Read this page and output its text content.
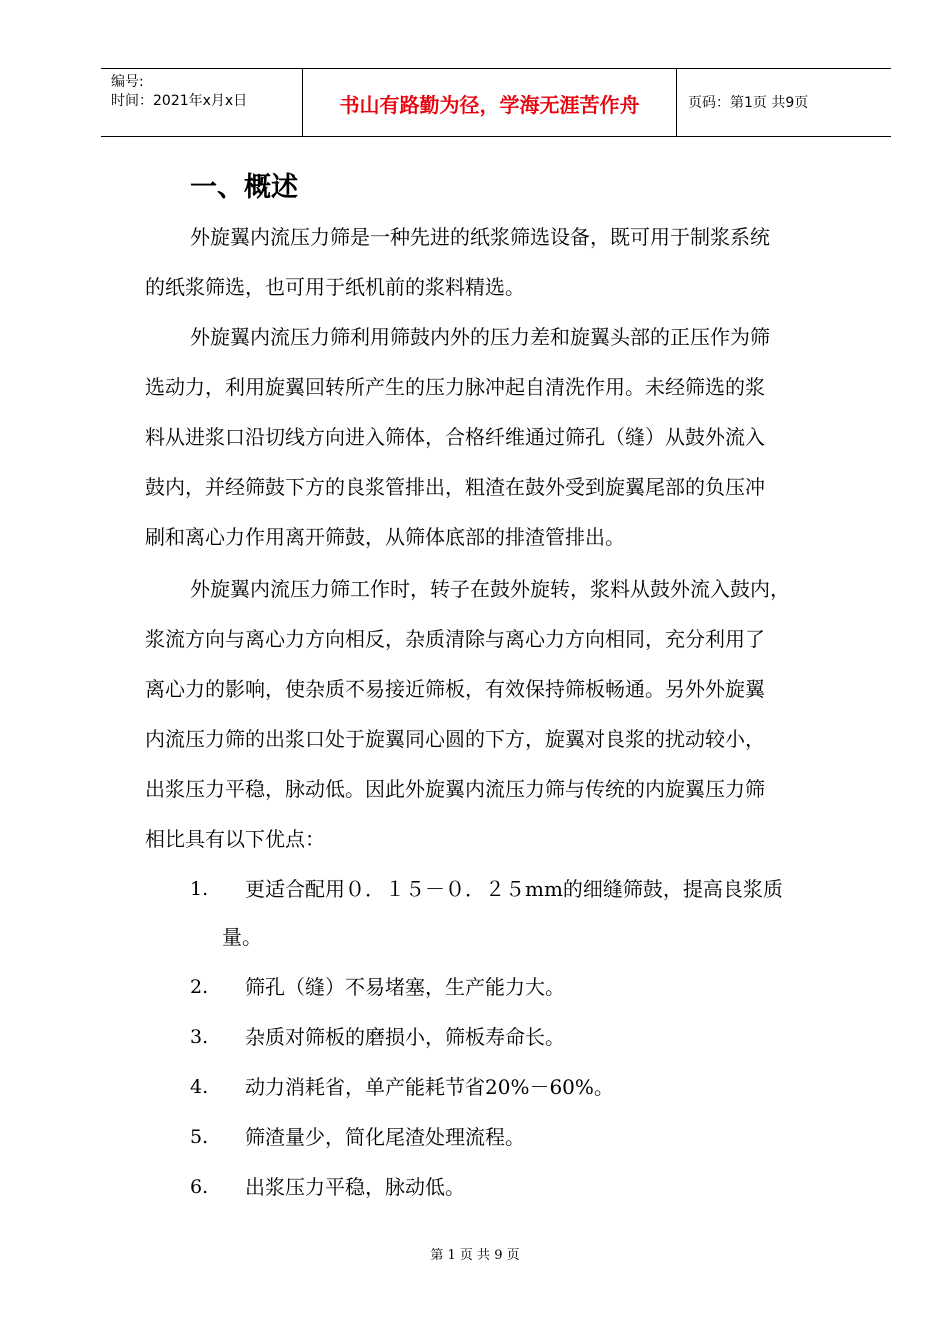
编号:
时间：2021年x月x日	书山有路勤为径，学海无涯苦作舟	页码：第1页 共9页
一、概述
外旋翼内流压力筛是一种先进的纸浆筛选设备，既可用于制浆系统
的纸浆筛选，也可用于纸机前的浆料精选。
外旋翼内流压力筛利用筛鼓内外的压力差和旋翼头部的正压作为筛
选动力，利用旋翼回转所产生的压力脉冲起自清洗作用。未经筛选的浆
料从进浆口沿切线方向进入筛体，合格纤维通过筛孔（缝）从鼓外流入
鼓内，并经筛鼓下方的良浆管排出，粗渣在鼓外受到旋翼尾部的负压冲
刷和离心力作用离开筛鼓，从筛体底部的排渣管排出。
外旋翼内流压力筛工作时，转子在鼓外旋转，浆料从鼓外流入鼓内，
浆流方向与离心力方向相反，杂质清除与离心力方向相同，充分利用了
离心力的影响，使杂质不易接近筛板，有效保持筛板畅通。另外外旋翼
内流压力筛的出浆口处于旋翼同心圆的下方，旋翼对良浆的扰动较小，
出浆压力平稳，脉动低。因此外旋翼内流压力筛与传统的内旋翼压力筛
相比具有以下优点：
1. 更适合配用０．１５－０．２５mm的细缝筛鼓，提高良浆质
量。
2. 筛孔（缝）不易堵塞，生产能力大。
3. 杂质对筛板的磨损小，筛板寿命长。
4. 动力消耗省，单产能耗节省20%－60%。
5. 筛渣量少，简化尾渣处理流程。
6. 出浆压力平稳，脉动低。
第 1 页 共 9 页
